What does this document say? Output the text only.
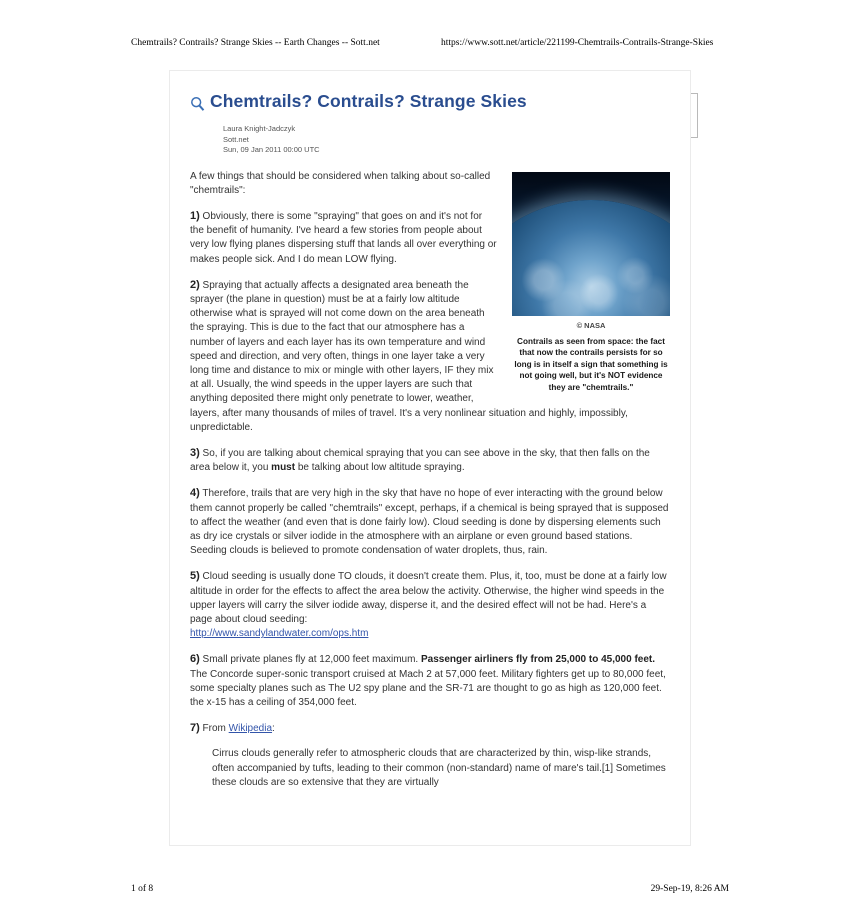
Chemtrails? Contrails? Strange Skies -- Earth Changes -- Sott.net	https://www.sott.net/article/221199-Chemtrails-Contrails-Strange-Skies
Chemtrails? Contrails? Strange Skies
Laura Knight-Jadczyk
Sott.net
Sun, 09 Jan 2011 00:00 UTC
© NASA
Contrails as seen from space: the fact that now the contrails persists for so long is in itself a sign that something is not going well, but it's NOT evidence they are "chemtrails."

A few things that should be considered when talking about so-called "chemtrails":

1) Obviously, there is some "spraying" that goes on and it's not for the benefit of humanity. I've heard a few stories from people about very low flying planes dispersing stuff that lands all over everything or makes people sick. And I do mean LOW flying.

2) Spraying that actually affects a designated area beneath the sprayer (the plane in question) must be at a fairly low altitude otherwise what is sprayed will not come down on the area beneath the spraying. This is due to the fact that our atmosphere has a number of layers and each layer has its own temperature and wind speed and direction, and very often, things in one layer take a very long time and distance to mix or mingle with other layers, IF they mix at all. Usually, the wind speeds in the upper layers are such that anything deposited there might only penetrate to lower, weather, layers, after many thousands of miles of travel. It's a very nonlinear situation and highly, impossibly, unpredictable.

3) So, if you are talking about chemical spraying that you can see above in the sky, that then falls on the area below it, you must be talking about low altitude spraying.

4) Therefore, trails that are very high in the sky that have no hope of ever interacting with the ground below them cannot properly be called "chemtrails" except, perhaps, if a chemical is being sprayed that is supposed to affect the weather (and even that is done fairly low). Cloud seeding is done by dispersing elements such as dry ice crystals or silver iodide in the atmosphere with an airplane or even ground based stations. Seeding clouds is believed to promote condensation of water droplets, thus, rain.

5) Cloud seeding is usually done TO clouds, it doesn't create them. Plus, it, too, must be done at a fairly low altitude in order for the effects to affect the area below the activity. Otherwise, the higher wind speeds in the upper layers will carry the silver iodide away, disperse it, and the desired effect will not be had. Here's a page about cloud seeding:
http://www.sandylandwater.com/ops.htm

6) Small private planes fly at 12,000 feet maximum. Passenger airliners fly from 25,000 to 45,000 feet. The Concorde super-sonic transport cruised at Mach 2 at 57,000 feet. Military fighters get up to 80,000 feet, some specialty planes such as The U2 spy plane and the SR-71 are thought to go as high as 120,000 feet. the x-15 has a ceiling of 354,000 feet.

7) From Wikipedia:

Cirrus clouds generally refer to atmospheric clouds that are characterized by thin, wisp-like strands, often accompanied by tufts, leading to their common (non-standard) name of mare's tail.[1] Sometimes these clouds are so extensive that they are virtually
1 of 8	29-Sep-19, 8:26 AM
